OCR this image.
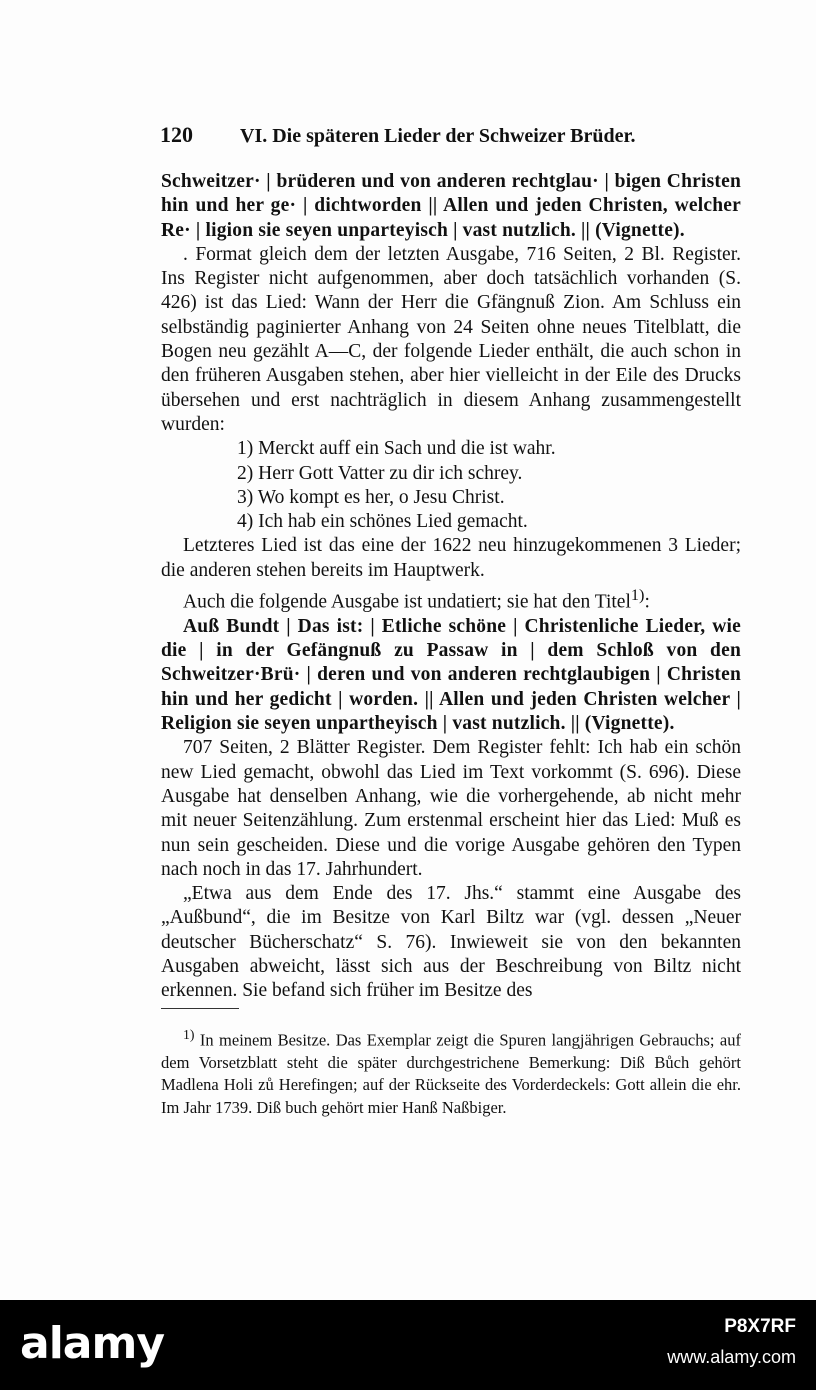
120	VI. Die späteren Lieder der Schweizer Brüder.

Schweitzer· | brüderen und von anderen rechtglau· | bigen Christen hin und her ge· | dichtworden || Allen und jeden Christen, welcher Re· | ligion sie seyen unparteyisch | vast nutzlich. || (Vignette).

. Format gleich dem der letzten Ausgabe, 716 Seiten, 2 Bl. Register. Ins Register nicht aufgenommen, aber doch tatsächlich vorhanden (S. 426) ist das Lied: Wann der Herr die Gfängnuß Zion. Am Schluss ein selbständig paginierter Anhang von 24 Seiten ohne neues Titelblatt, die Bogen neu gezählt A—C, der folgende Lieder enthält, die auch schon in den früheren Ausgaben stehen, aber hier vielleicht in der Eile des Drucks übersehen und erst nachträglich in diesem Anhang zusammengestellt wurden:

1) Merckt auff ein Sach und die ist wahr.

2) Herr Gott Vatter zu dir ich schrey.

3) Wo kompt es her, o Jesu Christ.

4) Ich hab ein schönes Lied gemacht.

Letzteres Lied ist das eine der 1622 neu hinzugekommenen 3 Lieder; die anderen stehen bereits im Hauptwerk.

Auch die folgende Ausgabe ist undatiert; sie hat den Titel$^{1)}$:

Auß Bundt | Das ist: | Etliche schöne | Christenliche Lieder, wie die | in der Gefängnuß zu Passaw in | dem Schloß von den Schweitzer·Brü· | deren und von anderen rechtglaubigen | Christen hin und her gedicht | worden. || Allen und jeden Christen welcher | Religion sie seyen unpartheyisch | vast nutzlich. || (Vignette).

707 Seiten, 2 Blätter Register. Dem Register fehlt: Ich hab ein schön new Lied gemacht, obwohl das Lied im Text vorkommt (S. 696). Diese Ausgabe hat denselben Anhang, wie die vorhergehende, ab nicht mehr mit neuer Seitenzählung. Zum erstenmal erscheint hier das Lied: Muß es nun sein gescheiden. Diese und die vorige Ausgabe gehören den Typen nach noch in das 17. Jahrhundert.

„Etwa aus dem Ende des 17. Jhs.“ stammt eine Ausgabe des „Außbund“, die im Besitze von Karl Biltz war (vgl. dessen „Neuer deutscher Bücherschatz“ S. 76). Inwieweit sie von den bekannten Ausgaben abweicht, lässt sich aus der Beschreibung von Biltz nicht erkennen. Sie befand sich früher im Besitze des

$^{1)}$ In meinem Besitze. Das Exemplar zeigt die Spuren langjährigen Gebrauchs; auf dem Vorsetzblatt steht die später durchgestrichene Bemerkung: Diß Bůch gehört Madlena Holi zů Herefingen; auf der Rückseite des Vorderdeckels: Gott allein die ehr. Im Jahr 1739. Diß buch gehört mier Hanß Naßbiger.

alamy	P8X7RF
www.alamy.com
